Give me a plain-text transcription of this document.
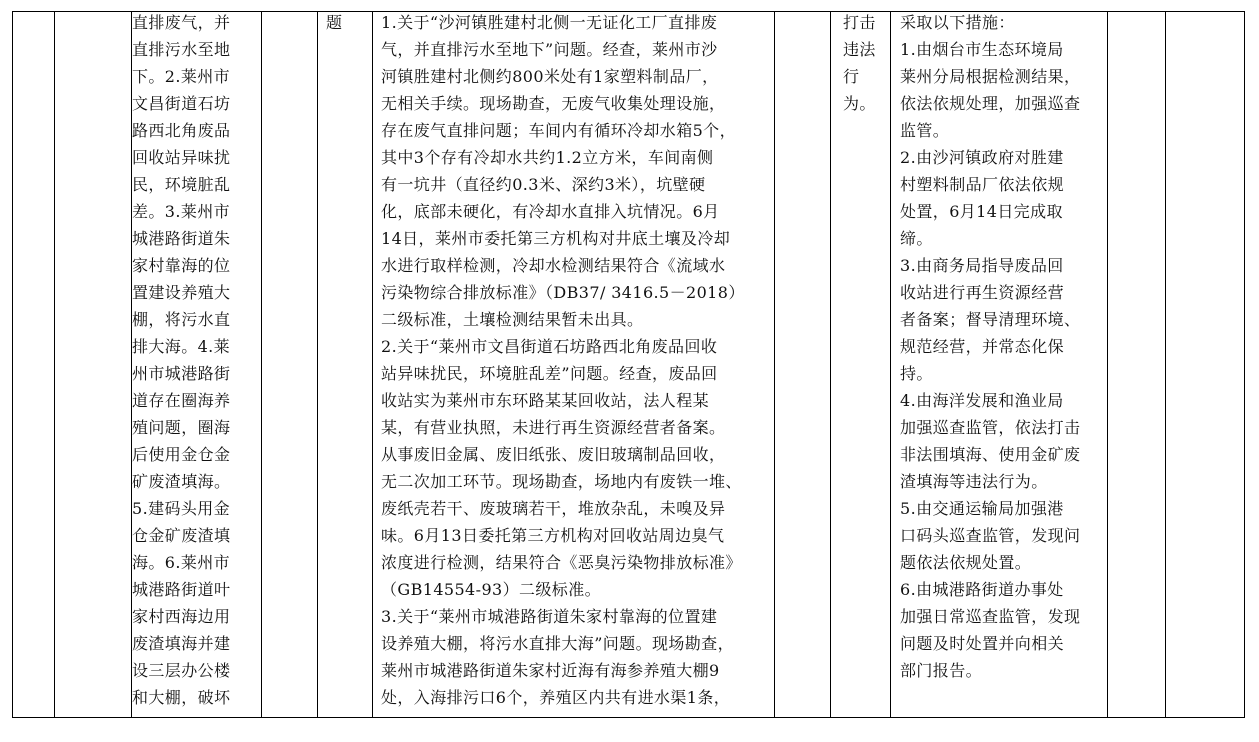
直排废气，并
直排污水至地
下。2.莱州市
文昌街道石坊
路西北角废品
回收站异味扰
民，环境脏乱
差。3.莱州市
城港路街道朱
家村靠海的位
置建设养殖大
棚，将污水直
排大海。4.莱
州市城港路街
道存在圈海养
殖问题，圈海
后使用金仓金
矿废渣填海。
5.建码头用金
仓金矿废渣填
海。6.莱州市
城港路街道叶
家村西海边用
废渣填海并建
设三层办公楼
和大棚，破坏
题	1.关于“沙河镇胜建村北侧一无证化工厂直排废
气，并直排污水至地下”问题。经查，莱州市沙
河镇胜建村北侧约800米处有1家塑料制品厂，
无相关手续。现场勘查，无废气收集处理设施，
存在废气直排问题；车间内有循环冷却水箱5个，
其中3个存有冷却水共约1.2立方米，车间南侧
有一坑井（直径约0.3米、深约3米），坑壁硬
化，底部未硬化，有冷却水直排入坑情况。6月
14日，莱州市委托第三方机构对井底土壤及冷却
水进行取样检测，冷却水检测结果符合《流域水
污染物综合排放标准》（DB37/ 3416.5－2018）
二级标准，土壤检测结果暂未出具。
2.关于“莱州市文昌街道石坊路西北角废品回收
站异味扰民，环境脏乱差”问题。经查，废品回
收站实为莱州市东环路某某回收站，法人程某
某，有营业执照，未进行再生资源经营者备案。
从事废旧金属、废旧纸张、废旧玻璃制品回收，
无二次加工环节。现场勘查，场地内有废铁一堆、
废纸壳若干、废玻璃若干，堆放杂乱，未嗅及异
味。6月13日委托第三方机构对回收站周边臭气
浓度进行检测，结果符合《恶臭污染物排放标准》
（GB14554-93）二级标准。
3.关于“莱州市城港路街道朱家村靠海的位置建
设养殖大棚，将污水直排大海”问题。现场勘查，
莱州市城港路街道朱家村近海有海参养殖大棚9
处，入海排污口6个，养殖区内共有进水渠1条，
打击
违法
行
为。
采取以下措施：
1.由烟台市生态环境局
莱州分局根据检测结果，
依法依规处理，加强巡查
监管。
2.由沙河镇政府对胜建
村塑料制品厂依法依规
处置，6月14日完成取
缔。
3.由商务局指导废品回
收站进行再生资源经营
者备案；督导清理环境、
规范经营，并常态化保
持。
4.由海洋发展和渔业局
加强巡查监管，依法打击
非法围填海、使用金矿废
渣填海等违法行为。
5.由交通运输局加强港
口码头巡查监管，发现问
题依法依规处置。
6.由城港路街道办事处
加强日常巡查监管，发现
问题及时处置并向相关
部门报告。
